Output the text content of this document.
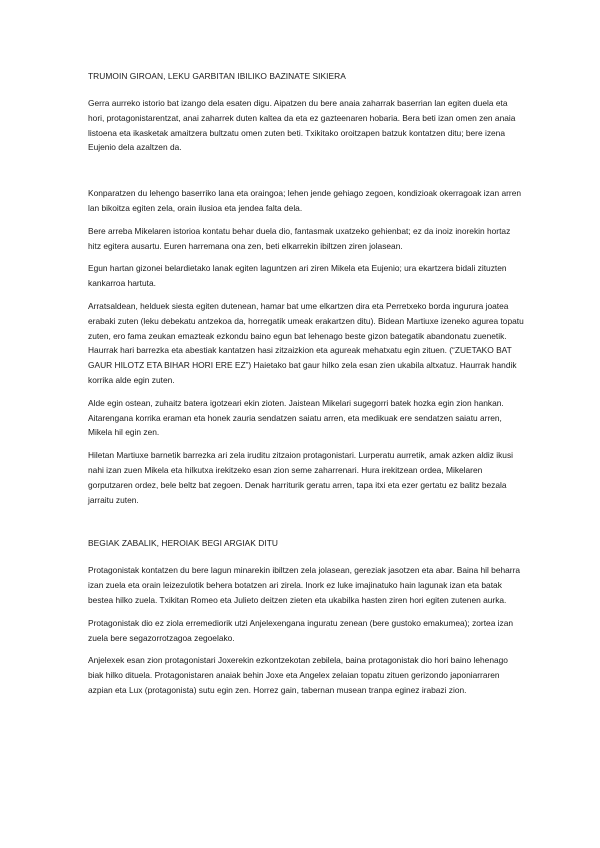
TRUMOIN GIROAN, LEKU GARBITAN IBILIKO BAZINATE SIKIERA

Gerra aurreko istorio bat izango dela esaten digu. Aipatzen du bere anaia zaharrak baserrian lan egiten duela eta hori, protagonistarentzat, anai zaharrek duten kaltea da eta ez gazteenaren hobaria. Bera beti izan omen zen anaia listoena eta ikasketak amaitzera bultzatu omen zuten beti. Txikitako oroitzapen batzuk kontatzen ditu; bere izena Eujenio dela azaltzen da.

Konparatzen du lehengo baserriko lana eta oraingoa; lehen jende gehiago zegoen, kondizioak okerragoak izan arren lan bikoitza egiten zela, orain ilusioa eta jendea falta dela.

Bere arreba Mikelaren istorioa kontatu behar duela dio, fantasmak uxatzeko gehienbat; ez da inoiz inorekin hortaz hitz egitera ausartu. Euren harremana ona zen, beti elkarrekin ibiltzen ziren jolasean.

Egun hartan gizonei belardietako lanak egiten laguntzen ari ziren Mikela eta Eujenio; ura ekartzera bidali zituzten kankarroa hartuta.

Arratsaldean, helduek siesta egiten dutenean, hamar bat ume elkartzen dira eta Perretxeko borda ingurura joatea erabaki zuten (leku debekatu antzekoa da, horregatik umeak erakartzen ditu). Bidean Martiuxe izeneko agurea topatu zuten, ero fama zeukan emazteak ezkondu baino egun bat lehenago beste gizon bategatik abandonatu zuenetik. Haurrak hari barrezka eta abestiak kantatzen hasi zitzaizkion eta agureak mehatxatu egin zituen. (“ZUETAKO BAT GAUR HILOTZ ETA BIHAR HORI ERE EZ”) Haietako bat gaur hilko zela esan zien ukabila altxatuz. Haurrak handik korrika alde egin zuten.

Alde egin ostean, zuhaitz batera igotzeari ekin zioten. Jaistean Mikelari sugegorri batek hozka egin zion hankan. Aitarengana korrika eraman eta honek zauria sendatzen saiatu arren, eta medikuak ere sendatzen saiatu arren, Mikela hil egin zen.

Hiletan Martiuxe barnetik barrezka ari zela iruditu zitzaion protagonistari. Lurperatu aurretik, amak azken aldiz ikusi nahi izan zuen Mikela eta hilkutxa irekitzeko esan zion seme zaharrenari. Hura irekitzean ordea, Mikelaren gorputzaren ordez, bele beltz bat zegoen. Denak harriturik geratu arren, tapa itxi eta ezer gertatu ez balitz bezala jarraitu zuten.

BEGIAK ZABALIK, HEROIAK BEGI ARGIAK DITU

Protagonistak kontatzen du bere lagun minarekin ibiltzen zela jolasean, gereziak jasotzen eta abar. Baina hil beharra izan zuela eta orain leizezulotik behera botatzen ari zirela. Inork ez luke imajinatuko hain lagunak izan eta batak bestea hilko zuela. Txikitan Romeo eta Julieto deitzen zieten eta ukabilka hasten ziren hori egiten zutenen aurka.

Protagonistak dio ez ziola erremediorik utzi Anjelexengana inguratu zenean (bere gustoko emakumea); zortea izan zuela bere segazorrotzagoa zegoelako.

Anjelexek esan zion protagonistari Joxerekin ezkontzekotan zebilela, baina protagonistak dio hori baino lehenago biak hilko dituela. Protagonistaren anaiak behin Joxe eta Angelex zelaian topatu zituen gerizondo japoniarraren azpian eta Lux (protagonista) sutu egin zen. Horrez gain, tabernan musean tranpa eginez irabazi zion.
